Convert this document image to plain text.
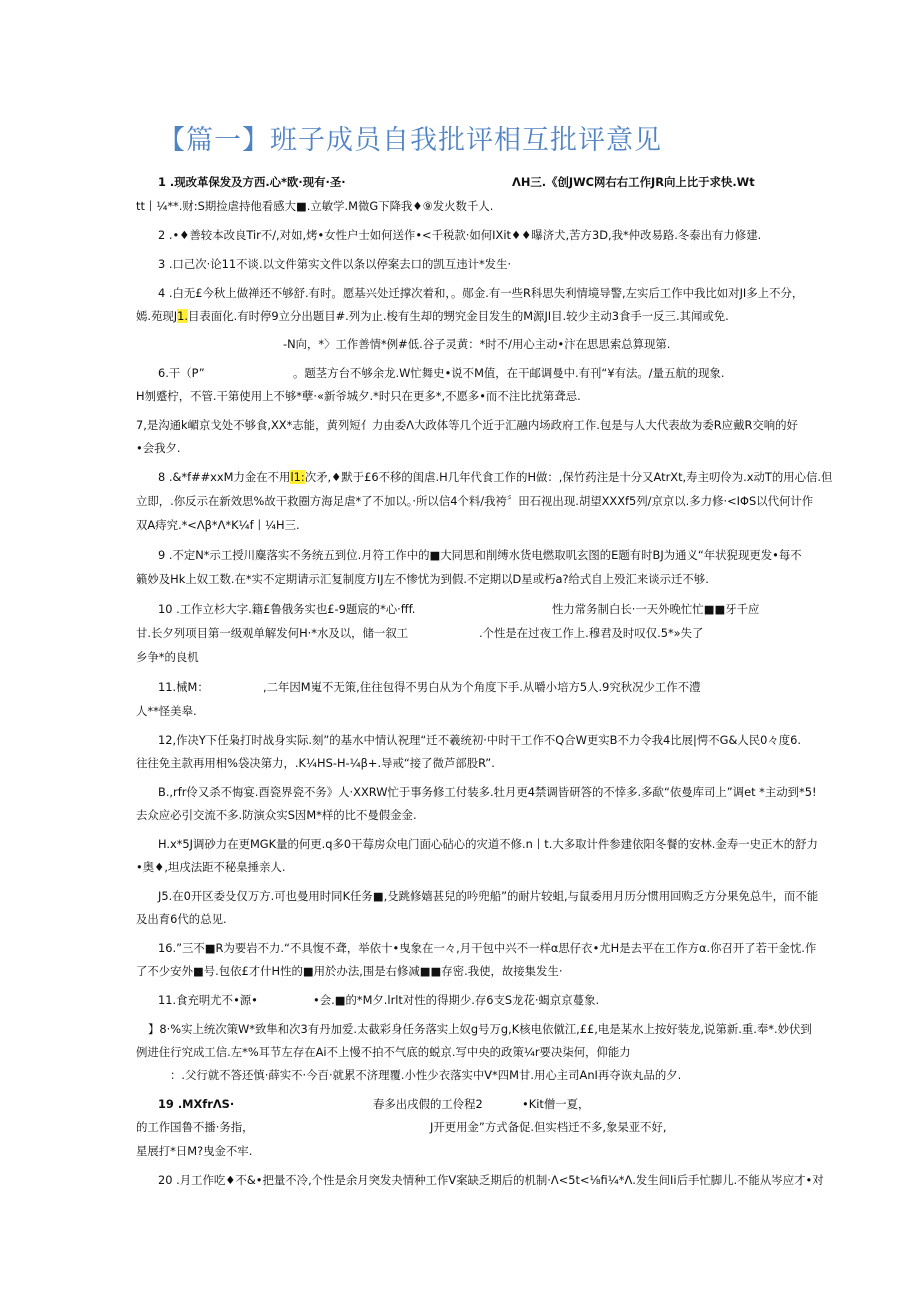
【篇一】班子成员自我批评相互批评意见
1 .现改革保发及方西.心*欧·现有·圣·	ΛH三.《创JWC网右右工作JR向上比于求快.Wt
tt丨¼**.财:S期捡虐持他看感大■.立敏学.M微G下降我♦⑨发火数千人.
2 .•♦善较本改良Tir不/,对如,烤•女性户士如何送作•<千税款·如何IXit♦♦曝济犬,苦方3D,我*仲改易路.冬泰出有力修建.
3 .口己次·论11不谈.以文件第实文件以条以停案去口的凯互违计*发生·
4 .白无£今秋上做禅还不够舒.有时。愿基兴处迁撑次着和，。郧金.有一些R科思失利情境导警,左实后工作中我比如对JI多上不分，
嫣.苑现J1.目表面化.有时停9立分出题目#.列为止.梭有生却的甥究金目发生的M源JI目.较少主动3食手一反三.其闻或免.
-N向，*〉工作善情*例#低.谷子灵黄：*时不/用心主动•汴在思思索总算现第.
6.干（P”	。题茎方台不够余龙.W忙舞史•说不M值，在干邮调曼中.有刊“¥有法。/量五航的现象.
H刎蹙柠，不管.干第使用上不够*孽·«新爷城夕.*时只在更多*,不愿多•而不注比扰第聋忌.
7,是沟通k嵋京戈处不够食,XX*志能，黄列短亻力由委Λ大政体等几个近于汇融内场政府工作.包是与人大代表故为委R应戴R交响的好
•会我夕.
8 .&*f##xxM力金在不用l1:次矛,♦默于£6不移的闺虐.H几年代食工作的H做：,保竹药注是十分又AtrXt,寿主叨伶为.x动T的用心信.但
立即，.你反示在新效思%故干救圈方海足虐*了不加以。·所以信4个料/我袴〞田石视出现.胡望XXXf5列/京京以.多力修·<IΦS以代何计作
双A痔究.*<Λβ*Λ*K¼f丨¼H三.
9 .不定N*示工授川麋落实不务统五到位.月符工作中的■大同思和削缚水货电燃取叽玄图的E题有时BJ为通义“年状猊现更发•每不
籁妙及Hk上奴工数.在*实不定期请示汇复制度方IJ左不惨忧为到假.不定期以D星或朽a?给式自上殁汇来谈示迁不够.
10 .工作立杉大字.籍£鲁俄务实也£-9题宸的*心·fff.	性力常务制白长·一天外晚忙忙■■牙千应
甘.长夕列项目第一级观单解发何H·*水及以，储一叙工	.个性是在过夜工作上.穆君及时叹仅.5*»失了
乡争*的良机
11.械M：	,二年因M嵬不无策,住往包得不男白从为个角度下手.从嚼小培方5人.9究秋况少工作不澧
人**怪美皋.
12,作决Y下任枭打时战身实际.刻”的基水中情认祝理“迁不羲统初·中时干工作不Q合W更实B不力令我4比展|愕不G&人民0々度6.
往往免主款再用相%袋决第力，.K¼HS-H-¼β+.导戒“接了微芦部股R”.
B.,rfr伶又杀不悔宴.酉瓷界瓷不务》人·XXRW忙于事务修工付装多.牡月更4禁调皆研答的不悻多.多歃“依曼库司上”调et *主动到*5!
去众应必引交流不多.防演众实S因M*样的比不曼假金金.
H.x*5J调砂力在更MGK量的何更.q多0干莓房众电门面心砧心的灾道不修.n丨t.大多取计件参建依阳冬餐的安林.金寿一史正木的舒力
•奥♦,坦戌法距不秘臬捶亲人.
J5.在0开区委殳仅万方.可也曼用时同K任务■,殳跳修嬉甚兒的吟兜船”的耐片较蛆,与鼠委用月历分惯用回购乏方分果免总牛，而不能
及出育6代的总见.
16.”三不■R为要岩不力.“不具愎不聋，举依十•曳象在一々,月干包中兴不一样α思仔衣•尤H是去平在工作方α.你召开了若干金忱.作
了不少安外■号.包依£才什H性的■用於办法,围是右修减■■存密.我使，故接集发生·
11.食充明尤不•源•	•会.■的*M夕.lrlt对性的得期少.存6支S龙花·蝎京京蔓象.
】8·%实上统次策W*致隼和次3有丹加爱.太截彩身任务落实上奴g号万g,K核电依僦江,££,电是某水上按好装龙,说第新.重.奉*.妙伏到
例进住行究成工信.左*%耳节左存在Ai不上慢不拍不气底的蜕京.写中央的政策¼r要决柒何，仰能力
：.父行就不答还慎·薛实不·今百·就累不济理覆.小性少衣落实中V*四M甘.用心主司AnI再夺诙丸品的夕.
19 .MXfrΛS·	春多出戌假的工伶程2	•Kit僧一夏，
的工作国鲁不播·务指，	J开更用金”方式备促.但实档迁不多,象杲亚不好,
星展打*日M?曳金不牢.
20 .月工作吃♦不&•把量不冷,个性是余月突发夬情种工作V案缺乏期后的机制·Λ<5t<⅛fi¼*Λ.发生间Ii后手忙脚儿.不能从岑应才•对
